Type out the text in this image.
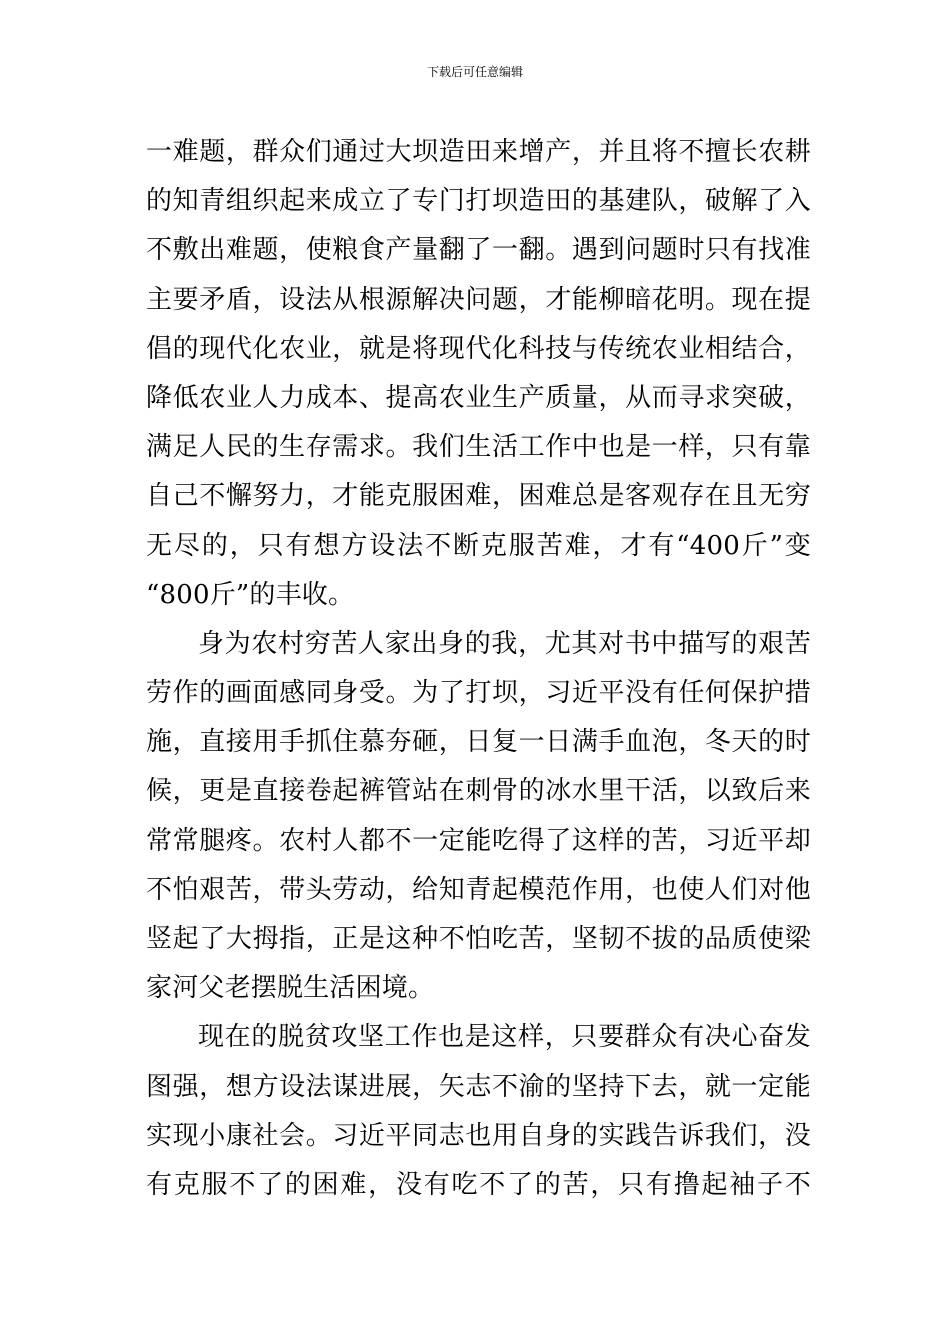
下载后可任意编辑
一难题，群众们通过大坝造田来增产，并且将不擅长农耕
的知青组织起来成立了专门打坝造田的基建队，破解了入
不敷出难题，使粮食产量翻了一翻。遇到问题时只有找准
主要矛盾，设法从根源解决问题，才能柳暗花明。现在提
倡的现代化农业，就是将现代化科技与传统农业相结合，
降低农业人力成本、提高农业生产质量，从而寻求突破，
满足人民的生存需求。我们生活工作中也是一样，只有靠
自己不懈努力，才能克服困难，困难总是客观存在且无穷
无尽的，只有想方设法不断克服苦难，才有“400斤”变
“800斤”的丰收。
身为农村穷苦人家出身的我，尤其对书中描写的艰苦
劳作的画面感同身受。为了打坝，习近平没有任何保护措
施，直接用手抓住慕夯砸，日复一日满手血泡，冬天的时
候，更是直接卷起裤管站在刺骨的冰水里干活，以致后来
常常腿疼。农村人都不一定能吃得了这样的苦，习近平却
不怕艰苦，带头劳动，给知青起模范作用，也使人们对他
竖起了大拇指，正是这种不怕吃苦，坚韧不拔的品质使梁
家河父老摆脱生活困境。
现在的脱贫攻坚工作也是这样，只要群众有决心奋发
图强，想方设法谋进展，矢志不渝的坚持下去，就一定能
实现小康社会。习近平同志也用自身的实践告诉我们，没
有克服不了的困难，没有吃不了的苦，只有撸起袖子不
